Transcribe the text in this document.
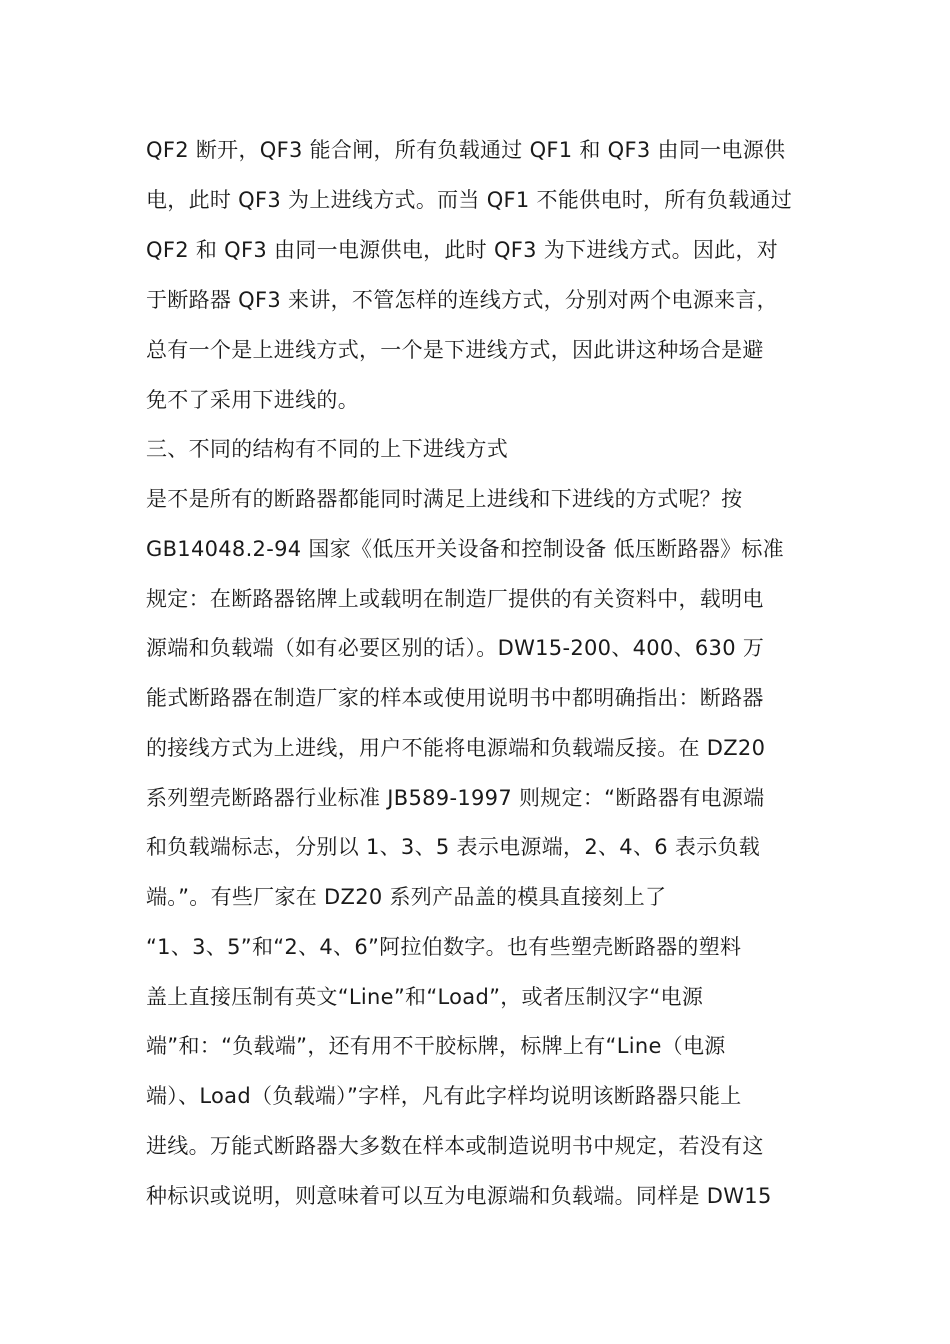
QF2 断开，QF3 能合闸，所有负载通过 QF1 和 QF3 由同一电源供
电，此时 QF3 为上进线方式。而当 QF1 不能供电时，所有负载通过
QF2 和 QF3 由同一电源供电，此时 QF3 为下进线方式。因此，对
于断路器 QF3 来讲，不管怎样的连线方式，分别对两个电源来言，
总有一个是上进线方式，一个是下进线方式，因此讲这种场合是避
免不了采用下进线的。
三、不同的结构有不同的上下进线方式
是不是所有的断路器都能同时满足上进线和下进线的方式呢？按
GB14048.2-94 国家《低压开关设备和控制设备 低压断路器》标准
规定：在断路器铭牌上或载明在制造厂提供的有关资料中，载明电
源端和负载端（如有必要区别的话）。DW15-200、400、630 万
能式断路器在制造厂家的样本或使用说明书中都明确指出：断路器
的接线方式为上进线，用户不能将电源端和负载端反接。在 DZ20
系列塑壳断路器行业标准 JB589-1997 则规定：“断路器有电源端
和负载端标志，分别以 1、3、5 表示电源端，2、4、6 表示负载
端。”。有些厂家在 DZ20 系列产品盖的模具直接刻上了
“1、3、5”和“2、4、6”阿拉伯数字。也有些塑壳断路器的塑料
盖上直接压制有英文“Line”和“Load”，或者压制汉字“电源
端”和：“负载端”，还有用不干胶标牌，标牌上有“Line（电源
端）、Load（负载端）”字样，凡有此字样均说明该断路器只能上
进线。万能式断路器大多数在样本或制造说明书中规定，若没有这
种标识或说明，则意味着可以互为电源端和负载端。同样是 DW15
